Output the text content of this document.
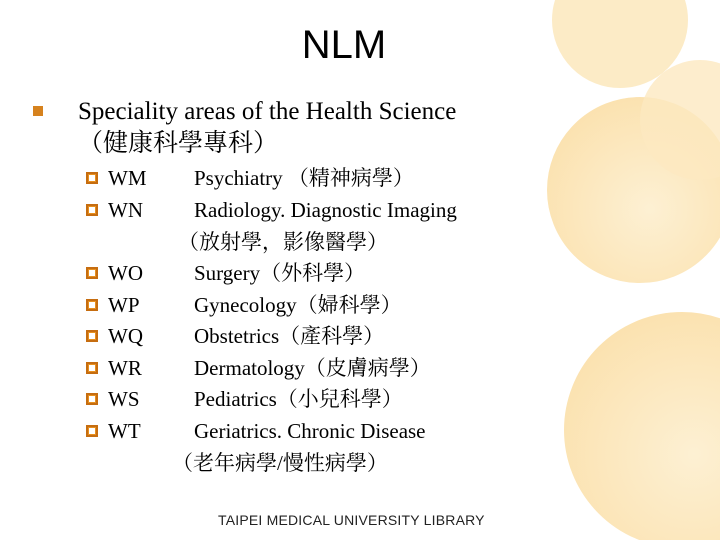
NLM
Speciality areas of the Health Science
（健康科學專科）
WM Psychiatry （精神病學）
WN Radiology. Diagnostic Imaging
（放射學，影像醫學）
WO Surgery（外科學）
WP	Gynecology（婦科學）
WQ Obstetrics（產科學）
WR Dermatology（皮膚病學）
WS	Pediatrics（小兒科學）
WT	Geriatrics. Chronic Disease
（老年病學/慢性病學）
TAIPEI MEDICAL UNIVERSITY LIBRARY
